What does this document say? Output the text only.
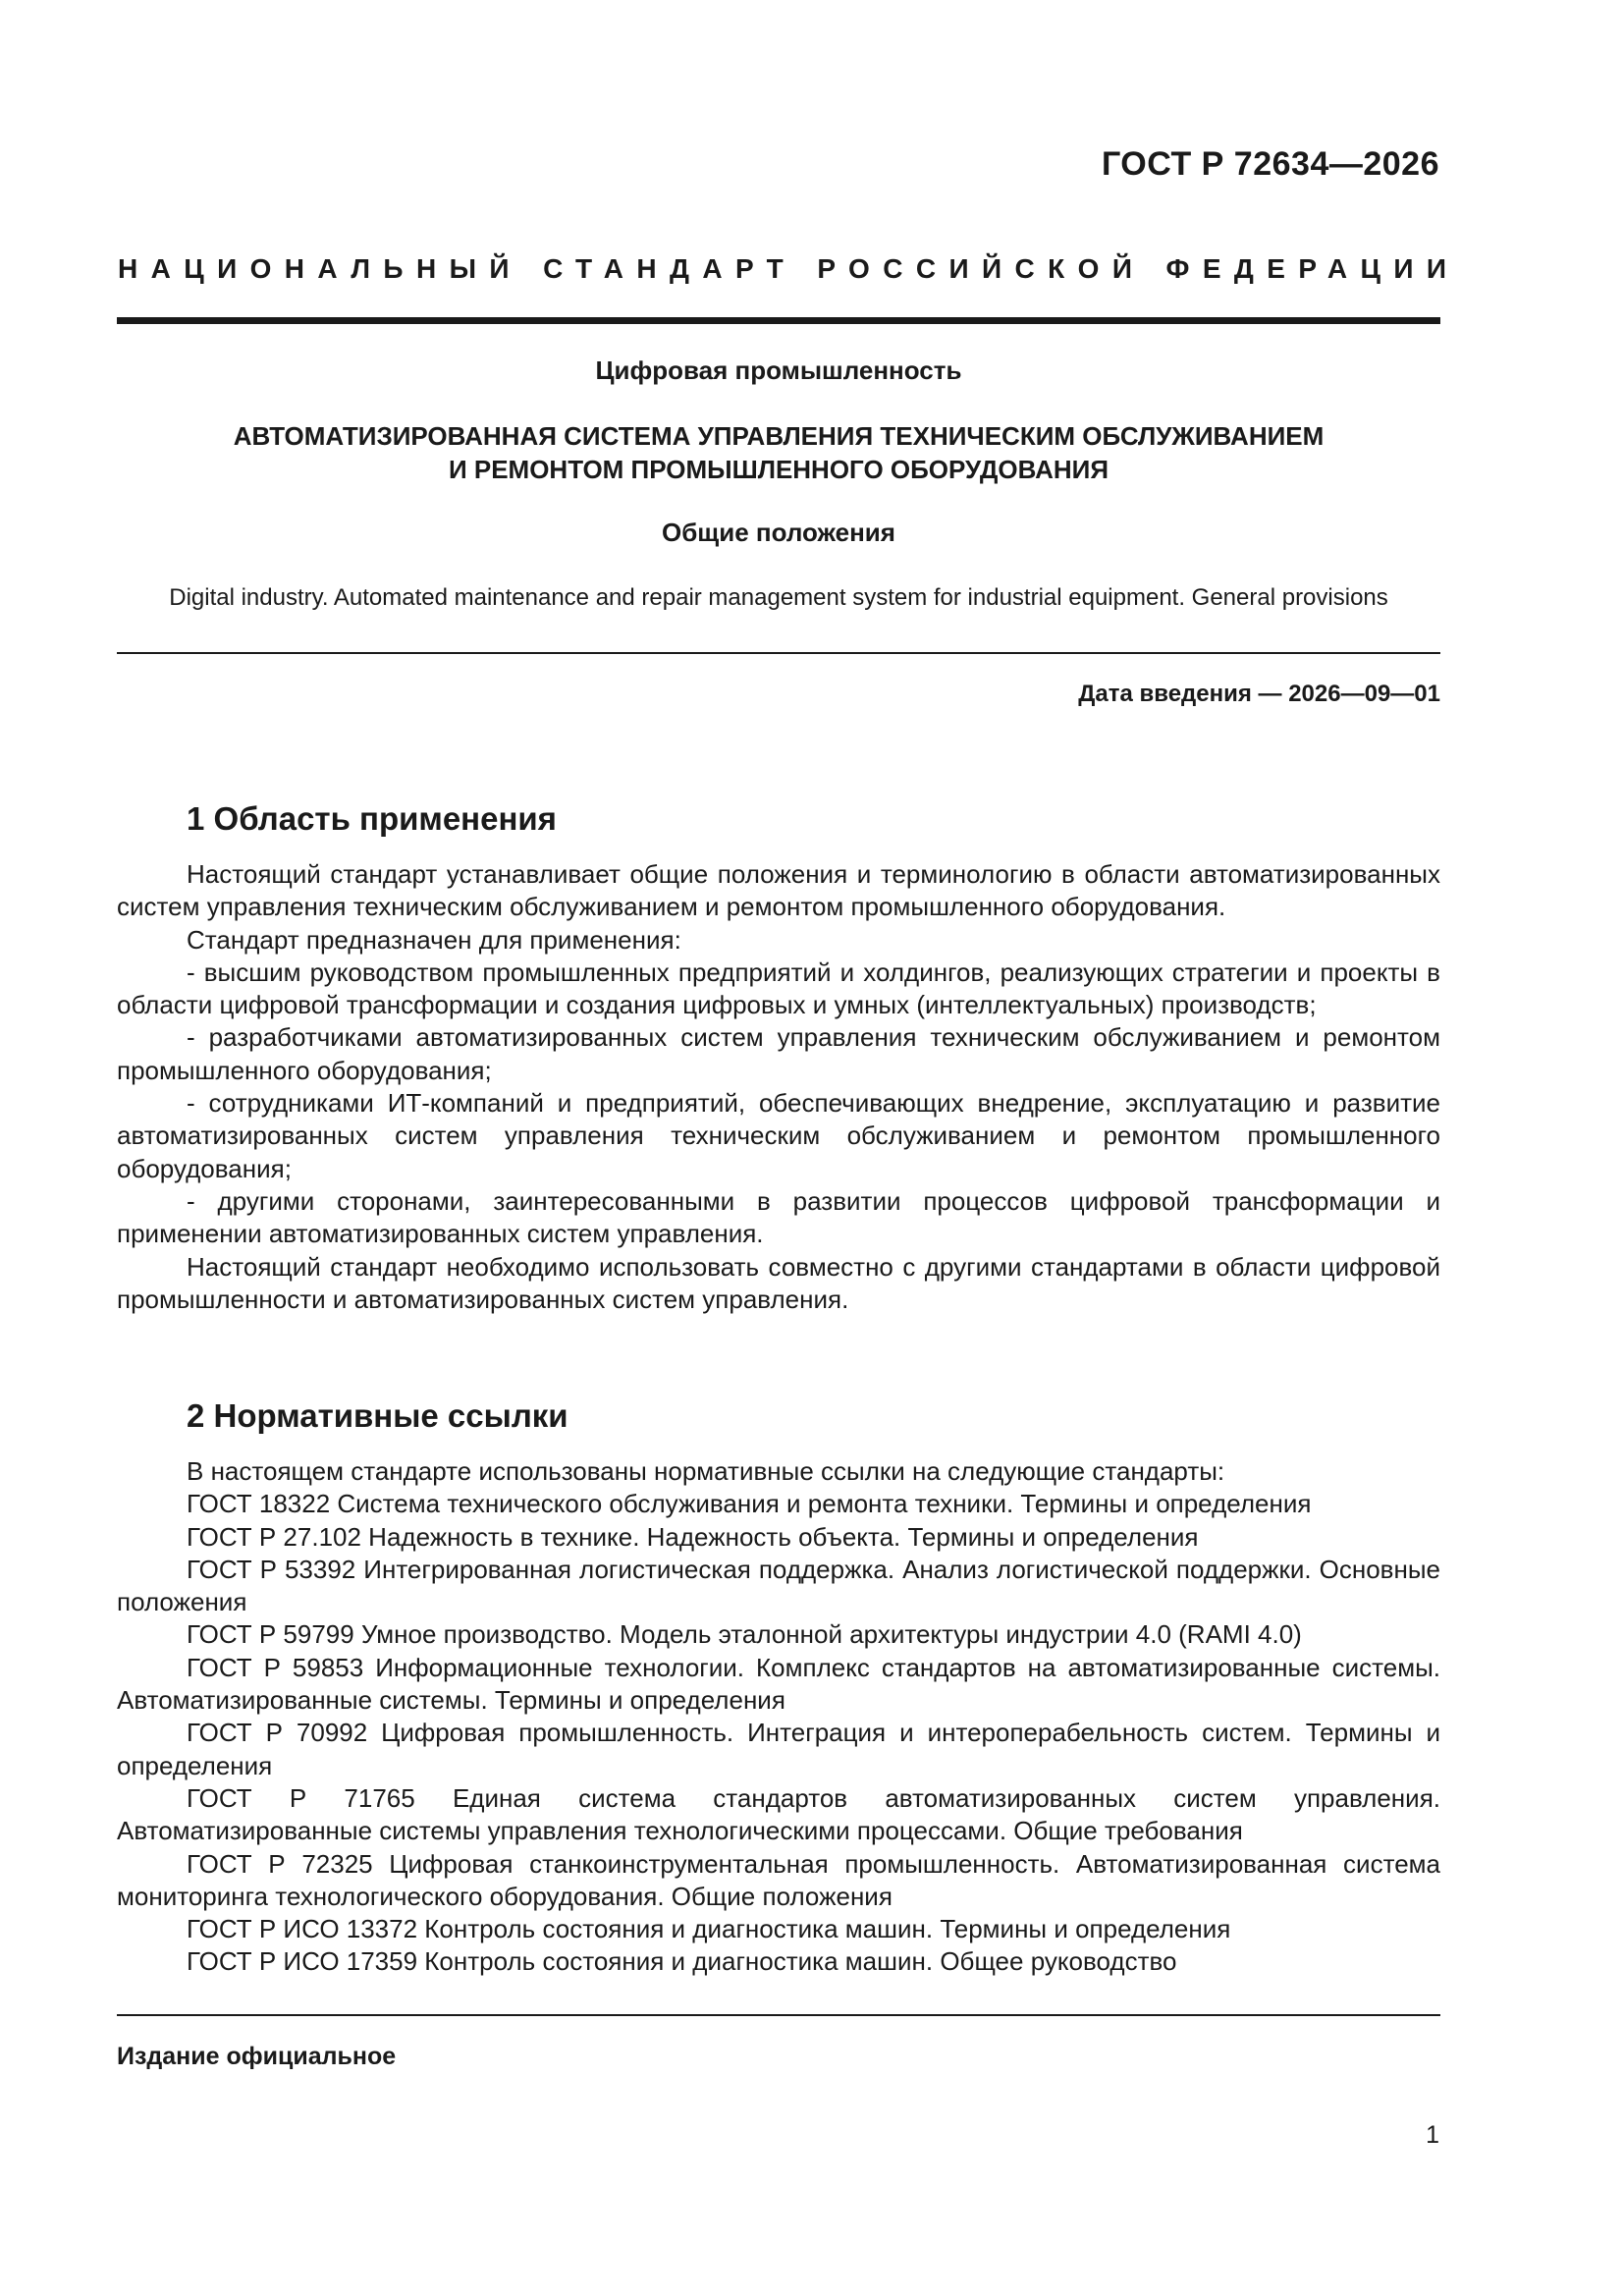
ГОСТ Р 72634—2026
НАЦИОНАЛЬНЫЙ СТАНДАРТ РОССИЙСКОЙ ФЕДЕРАЦИИ
Цифровая промышленность
АВТОМАТИЗИРОВАННАЯ СИСТЕМА УПРАВЛЕНИЯ ТЕХНИЧЕСКИМ ОБСЛУЖИВАНИЕМ
И РЕМОНТОМ ПРОМЫШЛЕННОГО ОБОРУДОВАНИЯ
Общие положения
Digital industry. Automated maintenance and repair management system for industrial equipment. General provisions
Дата введения — 2026—09—01
1 Область применения

Настоящий стандарт устанавливает общие положения и терминологию в области автоматизированных систем управления техническим обслуживанием и ремонтом промышленного оборудования.

Стандарт предназначен для применения:

- высшим руководством промышленных предприятий и холдингов, реализующих стратегии и проекты в области цифровой трансформации и создания цифровых и умных (интеллектуальных) производств;

- разработчиками автоматизированных систем управления техническим обслуживанием и ремонтом промышленного оборудования;

- сотрудниками ИТ-компаний и предприятий, обеспечивающих внедрение, эксплуатацию и развитие автоматизированных систем управления техническим обслуживанием и ремонтом промышленного оборудования;

- другими сторонами, заинтересованными в развитии процессов цифровой трансформации и применении автоматизированных систем управления.

Настоящий стандарт необходимо использовать совместно с другими стандартами в области цифровой промышленности и автоматизированных систем управления.

2 Нормативные ссылки

В настоящем стандарте использованы нормативные ссылки на следующие стандарты:

ГОСТ 18322 Система технического обслуживания и ремонта техники. Термины и определения

ГОСТ Р 27.102 Надежность в технике. Надежность объекта. Термины и определения

ГОСТ Р 53392 Интегрированная логистическая поддержка. Анализ логистической поддержки. Основные положения

ГОСТ Р 59799 Умное производство. Модель эталонной архитектуры индустрии 4.0 (RAMI 4.0)

ГОСТ Р 59853 Информационные технологии. Комплекс стандартов на автоматизированные системы. Автоматизированные системы. Термины и определения

ГОСТ Р 70992 Цифровая промышленность. Интеграция и интероперабельность систем. Термины и определения

ГОСТ Р 71765 Единая система стандартов автоматизированных систем управления. Автоматизированные системы управления технологическими процессами. Общие требования

ГОСТ Р 72325 Цифровая станкоинструментальная промышленность. Автоматизированная система мониторинга технологического оборудования. Общие положения

ГОСТ Р ИСО 13372 Контроль состояния и диагностика машин. Термины и определения

ГОСТ Р ИСО 17359 Контроль состояния и диагностика машин. Общее руководство

Издание официальное
1
